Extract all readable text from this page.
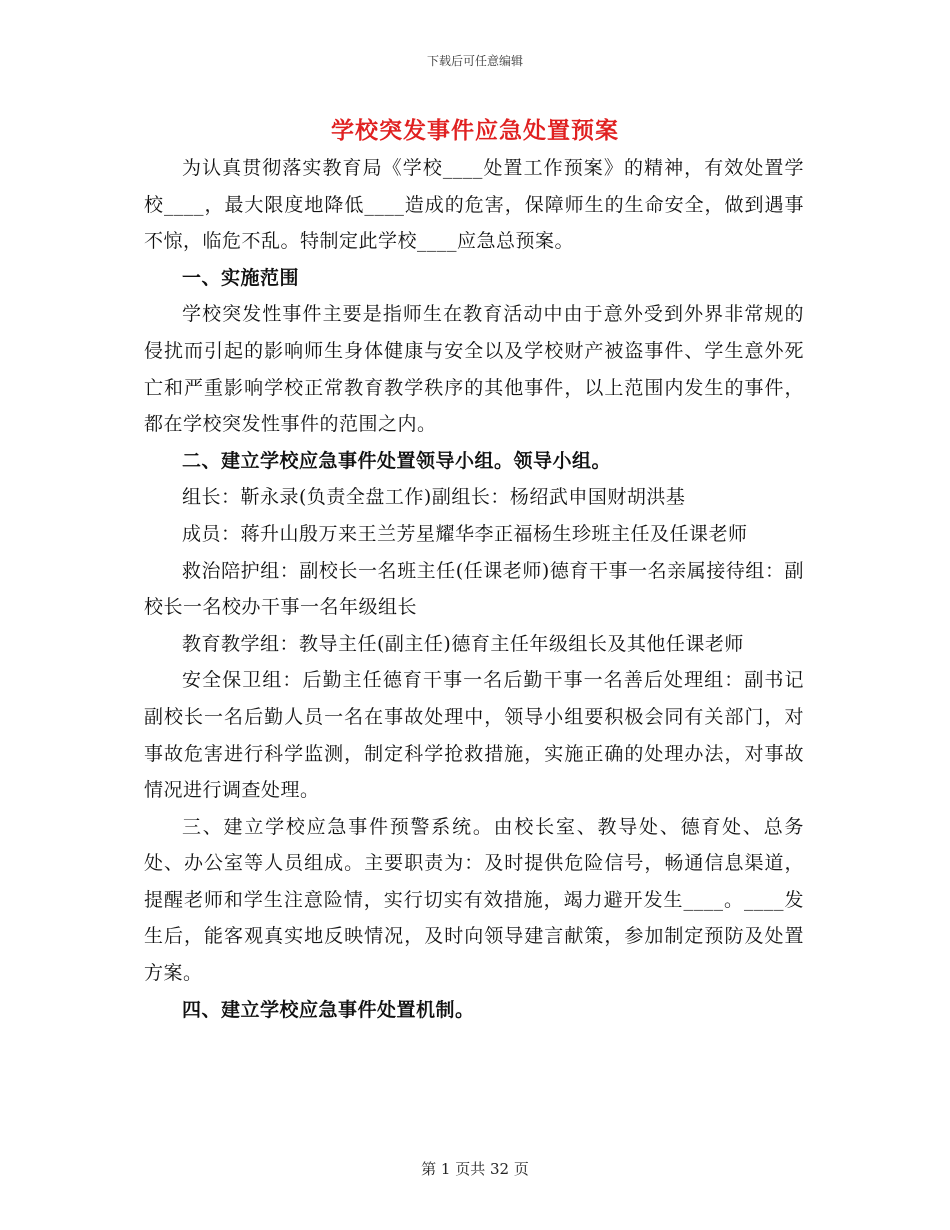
下载后可任意编辑
学校突发事件应急处置预案

为认真贯彻落实教育局《学校____处置工作预案》的精神，有效处置学校____，最大限度地降低____造成的危害，保障师生的生命安全，做到遇事不惊，临危不乱。特制定此学校____应急总预案。

一、实施范围

学校突发性事件主要是指师生在教育活动中由于意外受到外界非常规的侵扰而引起的影响师生身体健康与安全以及学校财产被盗事件、学生意外死亡和严重影响学校正常教育教学秩序的其他事件，以上范围内发生的事件，都在学校突发性事件的范围之内。

二、建立学校应急事件处置领导小组。领导小组。

组长：靳永录(负责全盘工作)副组长：杨绍武申国财胡洪基

成员：蒋升山殷万来王兰芳星耀华李正福杨生珍班主任及任课老师

救治陪护组：副校长一名班主任(任课老师)德育干事一名亲属接待组：副校长一名校办干事一名年级组长

教育教学组：教导主任(副主任)德育主任年级组长及其他任课老师

安全保卫组：后勤主任德育干事一名后勤干事一名善后处理组：副书记副校长一名后勤人员一名在事故处理中，领导小组要积极会同有关部门，对事故危害进行科学监测，制定科学抢救措施，实施正确的处理办法，对事故情况进行调查处理。

三、建立学校应急事件预警系统。由校长室、教导处、德育处、总务处、办公室等人员组成。主要职责为：及时提供危险信号，畅通信息渠道，提醒老师和学生注意险情，实行切实有效措施，竭力避开发生____。____发生后，能客观真实地反映情况，及时向领导建言献策，参加制定预防及处置方案。

四、建立学校应急事件处置机制。

第 1 页共 32 页
